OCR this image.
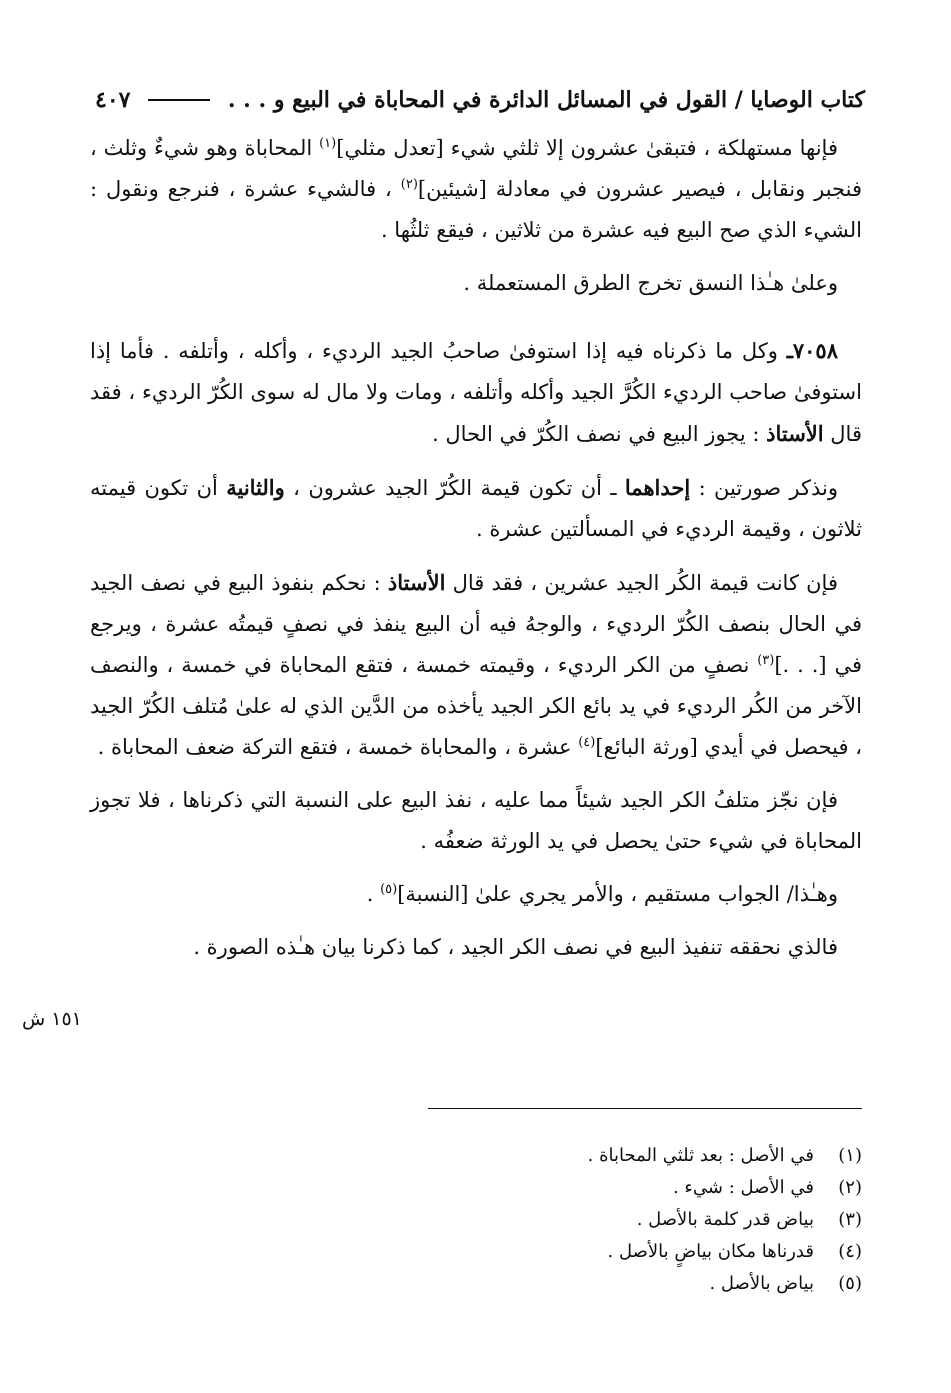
كتاب الوصايا / القول في المسائل الدائرة في المحاباة في البيع و . . .
٤٠٧

فإنها مستهلكة ، فتبقىٰ عشرون إلا ثلثي شيء [تعدل مثلي]$^{(١)}$ المحاباة وهو شيءٌ وثلث ، فنجبر ونقابل ، فيصير عشرون في معادلة [شيئين]$^{(٢)}$ ، فالشيء عشرة ، فنرجع ونقول : الشيء الذي صح البيع فيه عشرة من ثلاثين ، فيقع ثلثُها .

وعلىٰ هـٰذا النسق تخرج الطرق المستعملة .

٧٠٥٨ـ وكل ما ذكرناه فيه إذا استوفىٰ صاحبُ الجيد الرديء ، وأكله ، وأتلفه . فأما إذا استوفىٰ صاحب الرديء الكُرَّ الجيد وأكله وأتلفه ، ومات ولا مال له سوى الكُرّ الرديء ، فقد قال الأستاذ : يجوز البيع في نصف الكُرّ في الحال .

ونذكر صورتين : إحداهما ـ أن تكون قيمة الكُرّ الجيد عشرون ، والثانية أن تكون قيمته ثلاثون ، وقيمة الرديء في المسألتين عشرة .

فإن كانت قيمة الكُر الجيد عشرين ، فقد قال الأستاذ : نحكم بنفوذ البيع في نصف الجيد في الحال بنصف الكُرّ الرديء ، والوجهُ فيه أن البيع ينفذ في نصفٍ قيمتُه عشرة ، ويرجع في [. . .]$^{(٣)}$ نصفٍ من الكر الرديء ، وقيمته خمسة ، فتقع المحاباة في خمسة ، والنصف الآخر من الكُر الرديء في يد بائع الكر الجيد يأخذه من الدَّين الذي له علىٰ مُتلف الكُرّ الجيد ، فيحصل في أيدي [ورثة البائع]$^{(٤)}$ عشرة ، والمحاباة خمسة ، فتقع التركة ضعف المحاباة .

فإن نجّز متلفُ الكر الجيد شيئاً مما عليه ، نفذ البيع على النسبة التي ذكرناها ، فلا تجوز المحاباة في شيء حتىٰ يحصل في يد الورثة ضعفُه .

وهـٰذا/ الجواب مستقيم ، والأمر يجري علىٰ [النسبة]$^{(٥)}$ .

فالذي نحققه تنفيذ البيع في نصف الكر الجيد ، كما ذكرنا بيان هـٰذه الصورة .

١٥١ ش
(١)
في الأصل : بعد ثلثي المحاباة .
(٢)
في الأصل : شيء .
(٣)
بياض قدر كلمة بالأصل .
(٤)
قدرناها مكان بياضٍ بالأصل .
(٥)
بياض بالأصل .
